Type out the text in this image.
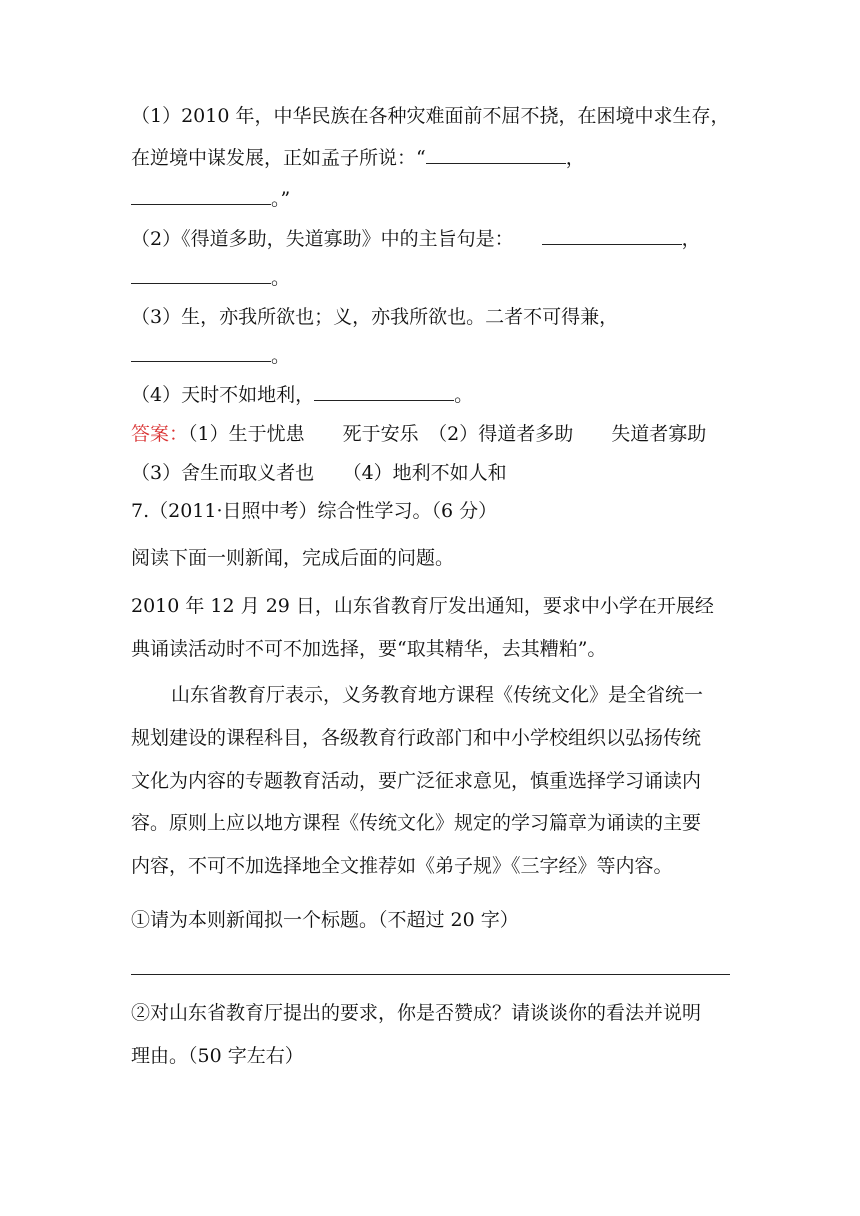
（1）2010 年，中华民族在各种灾难面前不屈不挠，在困境中求生存，
在逆境中谋发展，正如孟子所说：“	，
。”
（2）《得道多助，失道寡助》中的主旨句是：	，
。
（3）生，亦我所欲也；义，亦我所欲也。二者不可得兼，
。
（4）天时不如地利，	。
答案：（1）生于忧患　　死于安乐　（2）得道者多助　　失道者寡助
（3）舍生而取义者也　　（4）地利不如人和
7.（2011·日照中考）综合性学习。（6 分）
阅读下面一则新闻，完成后面的问题。
2010 年 12 月 29 日，山东省教育厅发出通知，要求中小学在开展经
典诵读活动时不可不加选择，要“取其精华，去其糟粕”。
山东省教育厅表示，义务教育地方课程《传统文化》是全省统一
规划建设的课程科目，各级教育行政部门和中小学校组织以弘扬传统
文化为内容的专题教育活动，要广泛征求意见，慎重选择学习诵读内
容。原则上应以地方课程《传统文化》规定的学习篇章为诵读的主要
内容，不可不加选择地全文推荐如《弟子规》《三字经》等内容。
①请为本则新闻拟一个标题。（不超过 20 字）
②对山东省教育厅提出的要求，你是否赞成？请谈谈你的看法并说明
理由。（50 字左右）
